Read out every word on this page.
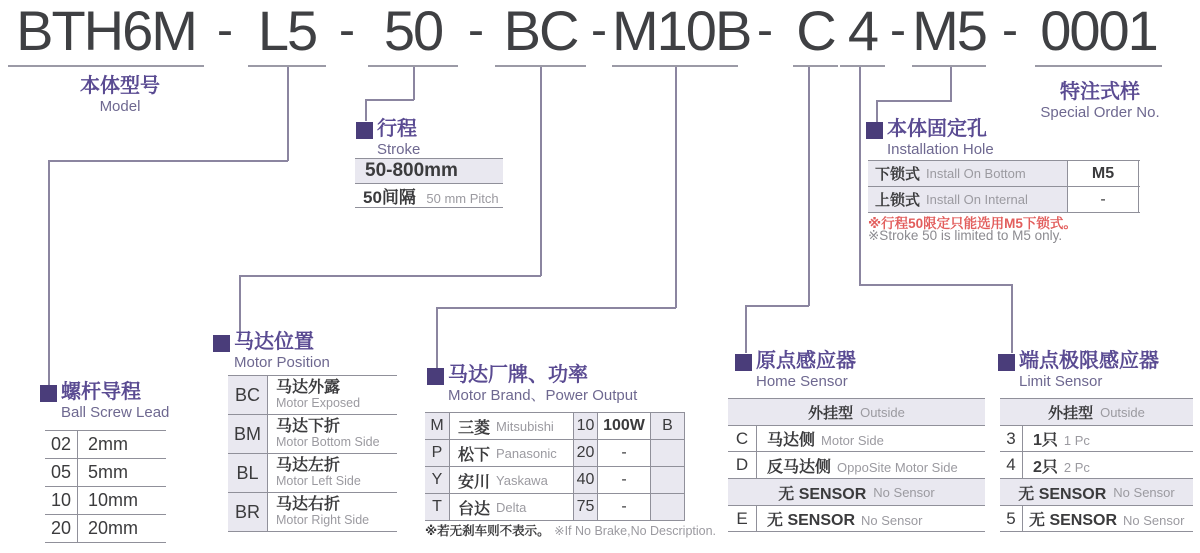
BTH6M L5 50 BC M10B C 4 M5 0001
- - - -	- - -
本体型号
Model
特注式样
Special Order No.
行程
Stroke
50-800mm
50间隔 50 mm Pitch
本体固定孔
Installation Hole
下锁式 Install On Bottom	M5
上锁式 Install On Internal	-
※行程50限定只能选用M5下锁式。
※Stroke 50 is limited to M5 only.
螺杆导程
Ball Screw Lead
02 2mm
05 5mm
10 10mm
20 20mm
马达位置
Motor Position
BC	马达外露
Motor Exposed
BM 马达下折
Motor Bottom Side
BL	马达左折
Motor Left Side
BR	马达右折
Motor Right Side
马达厂牌、功率
Motor Brand、Power Output
M 三菱 Mitsubishi 10 100W	B
P 松下 Panasonic 20	-
Y 安川 Yaskawa 40	-
T	台达 Delta	75	-
※若无刹车则不表示。 ※If No Brake,No Description.
原点感应器
Home Sensor
外挂型 Outside
C	马达侧 Motor Side
D	反马达侧 OppoSite Motor Side
无 SENSOR No Sensor
E	无 SENSOR No Sensor
端点极限感应器
Limit Sensor
外挂型 Outside
3	1只 1 Pc
4	2只 2 Pc
无 SENSOR No Sensor
5 无 SENSOR No Sensor
